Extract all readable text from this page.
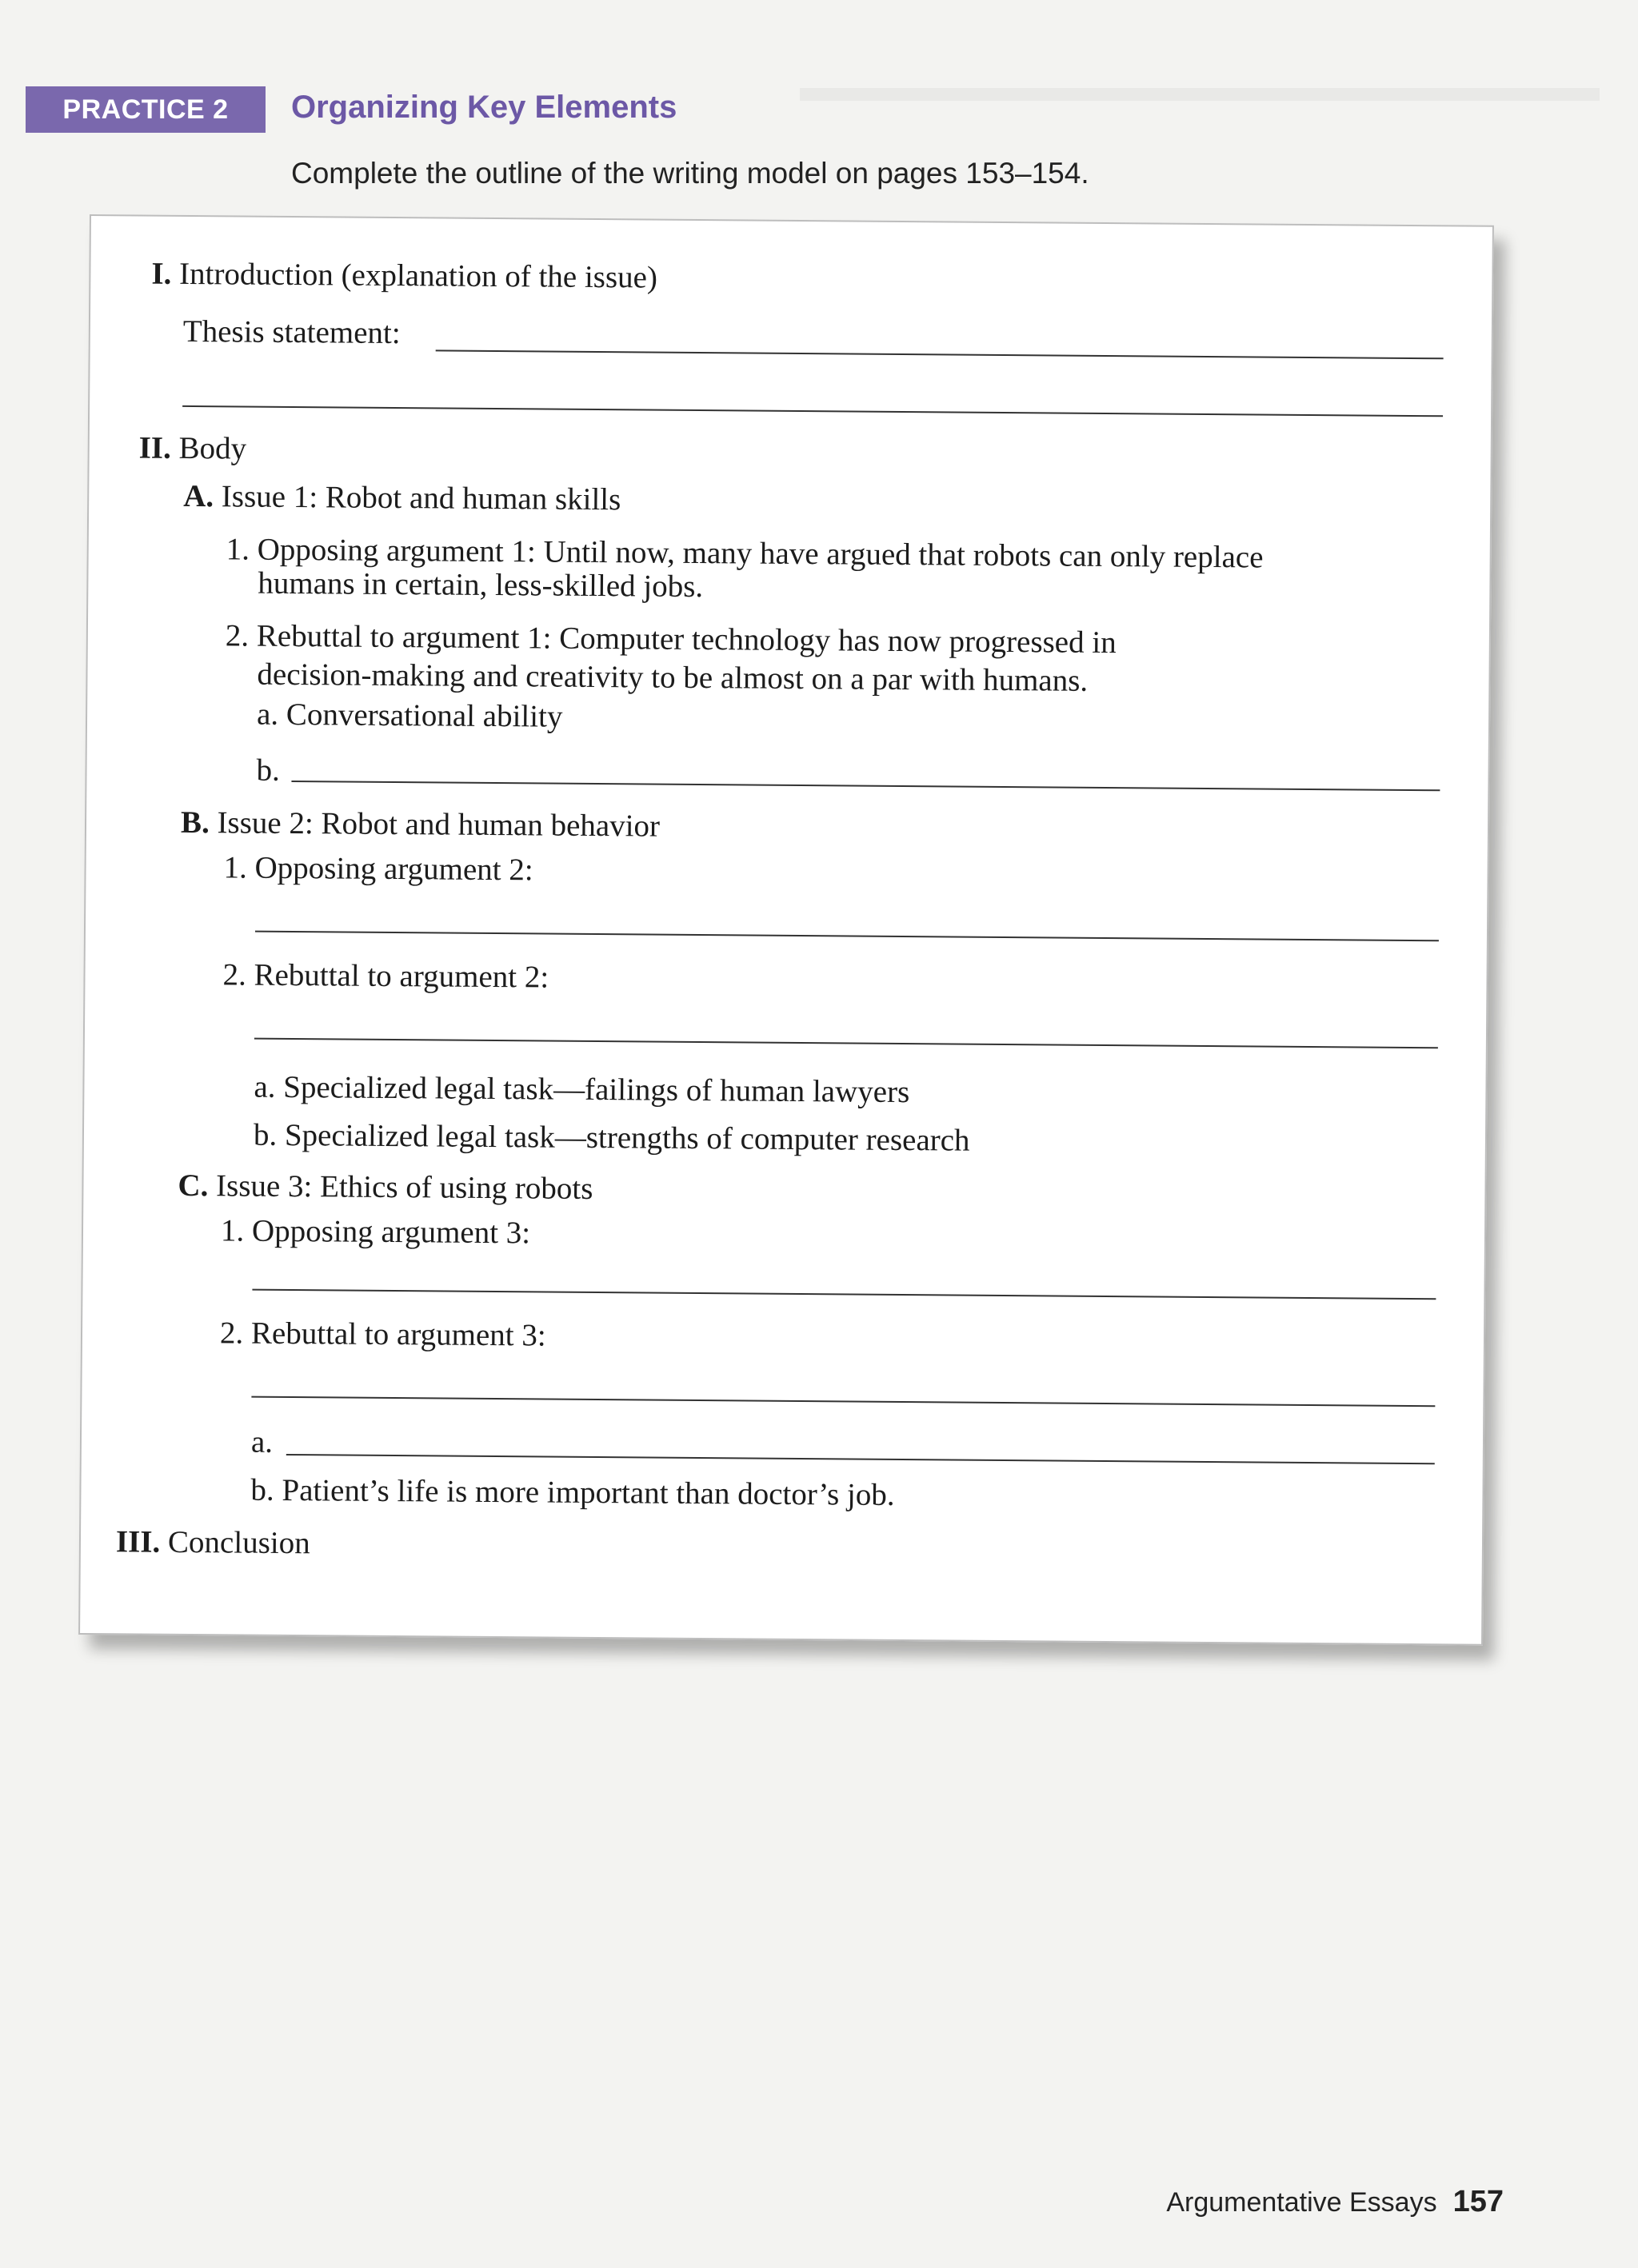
PRACTICE 2	Organizing Key Elements
Complete the outline of the writing model on pages 153–154.
I. Introduction (explanation of the issue)
Thesis statement:
II. Body
A. Issue 1: Robot and human skills
1. Opposing argument 1: Until now, many have argued that robots can only replace
humans in certain, less-skilled jobs.
2. Rebuttal to argument 1: Computer technology has now progressed in
decision-making and creativity to be almost on a par with humans.
a. Conversational ability
b.
B. Issue 2: Robot and human behavior
1. Opposing argument 2:
2. Rebuttal to argument 2:
a. Specialized legal task—failings of human lawyers
b. Specialized legal task—strengths of computer research
C. Issue 3: Ethics of using robots
1. Opposing argument 3:
2. Rebuttal to argument 3:
a.
b. Patient’s life is more important than doctor’s job.
III. Conclusion
Argumentative Essays 157
